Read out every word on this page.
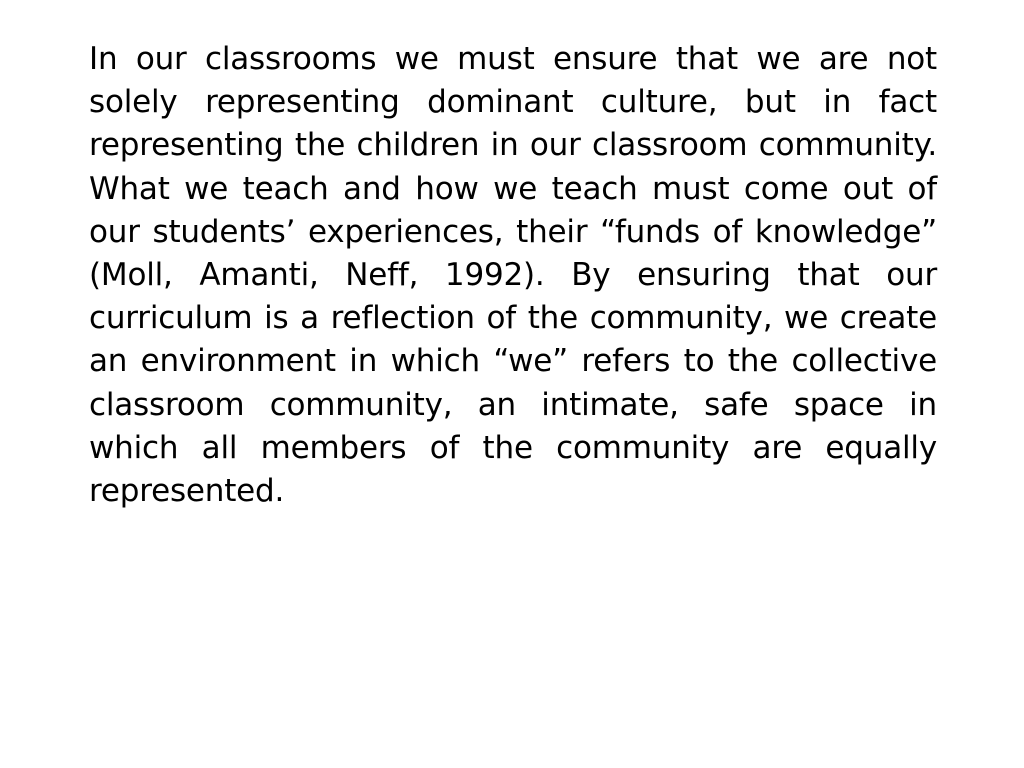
In our classrooms we must ensure that we are not solely representing dominant culture, but in fact representing the children in our classroom community. What we teach and how we teach must come out of our students’ experiences, their “funds of knowledge” (Moll, Amanti, Neff, 1992). By ensuring that our curriculum is a reflection of the community, we create an environment in which “we” refers to the collective classroom community, an intimate, safe space in which all members of the community are equally represented.
